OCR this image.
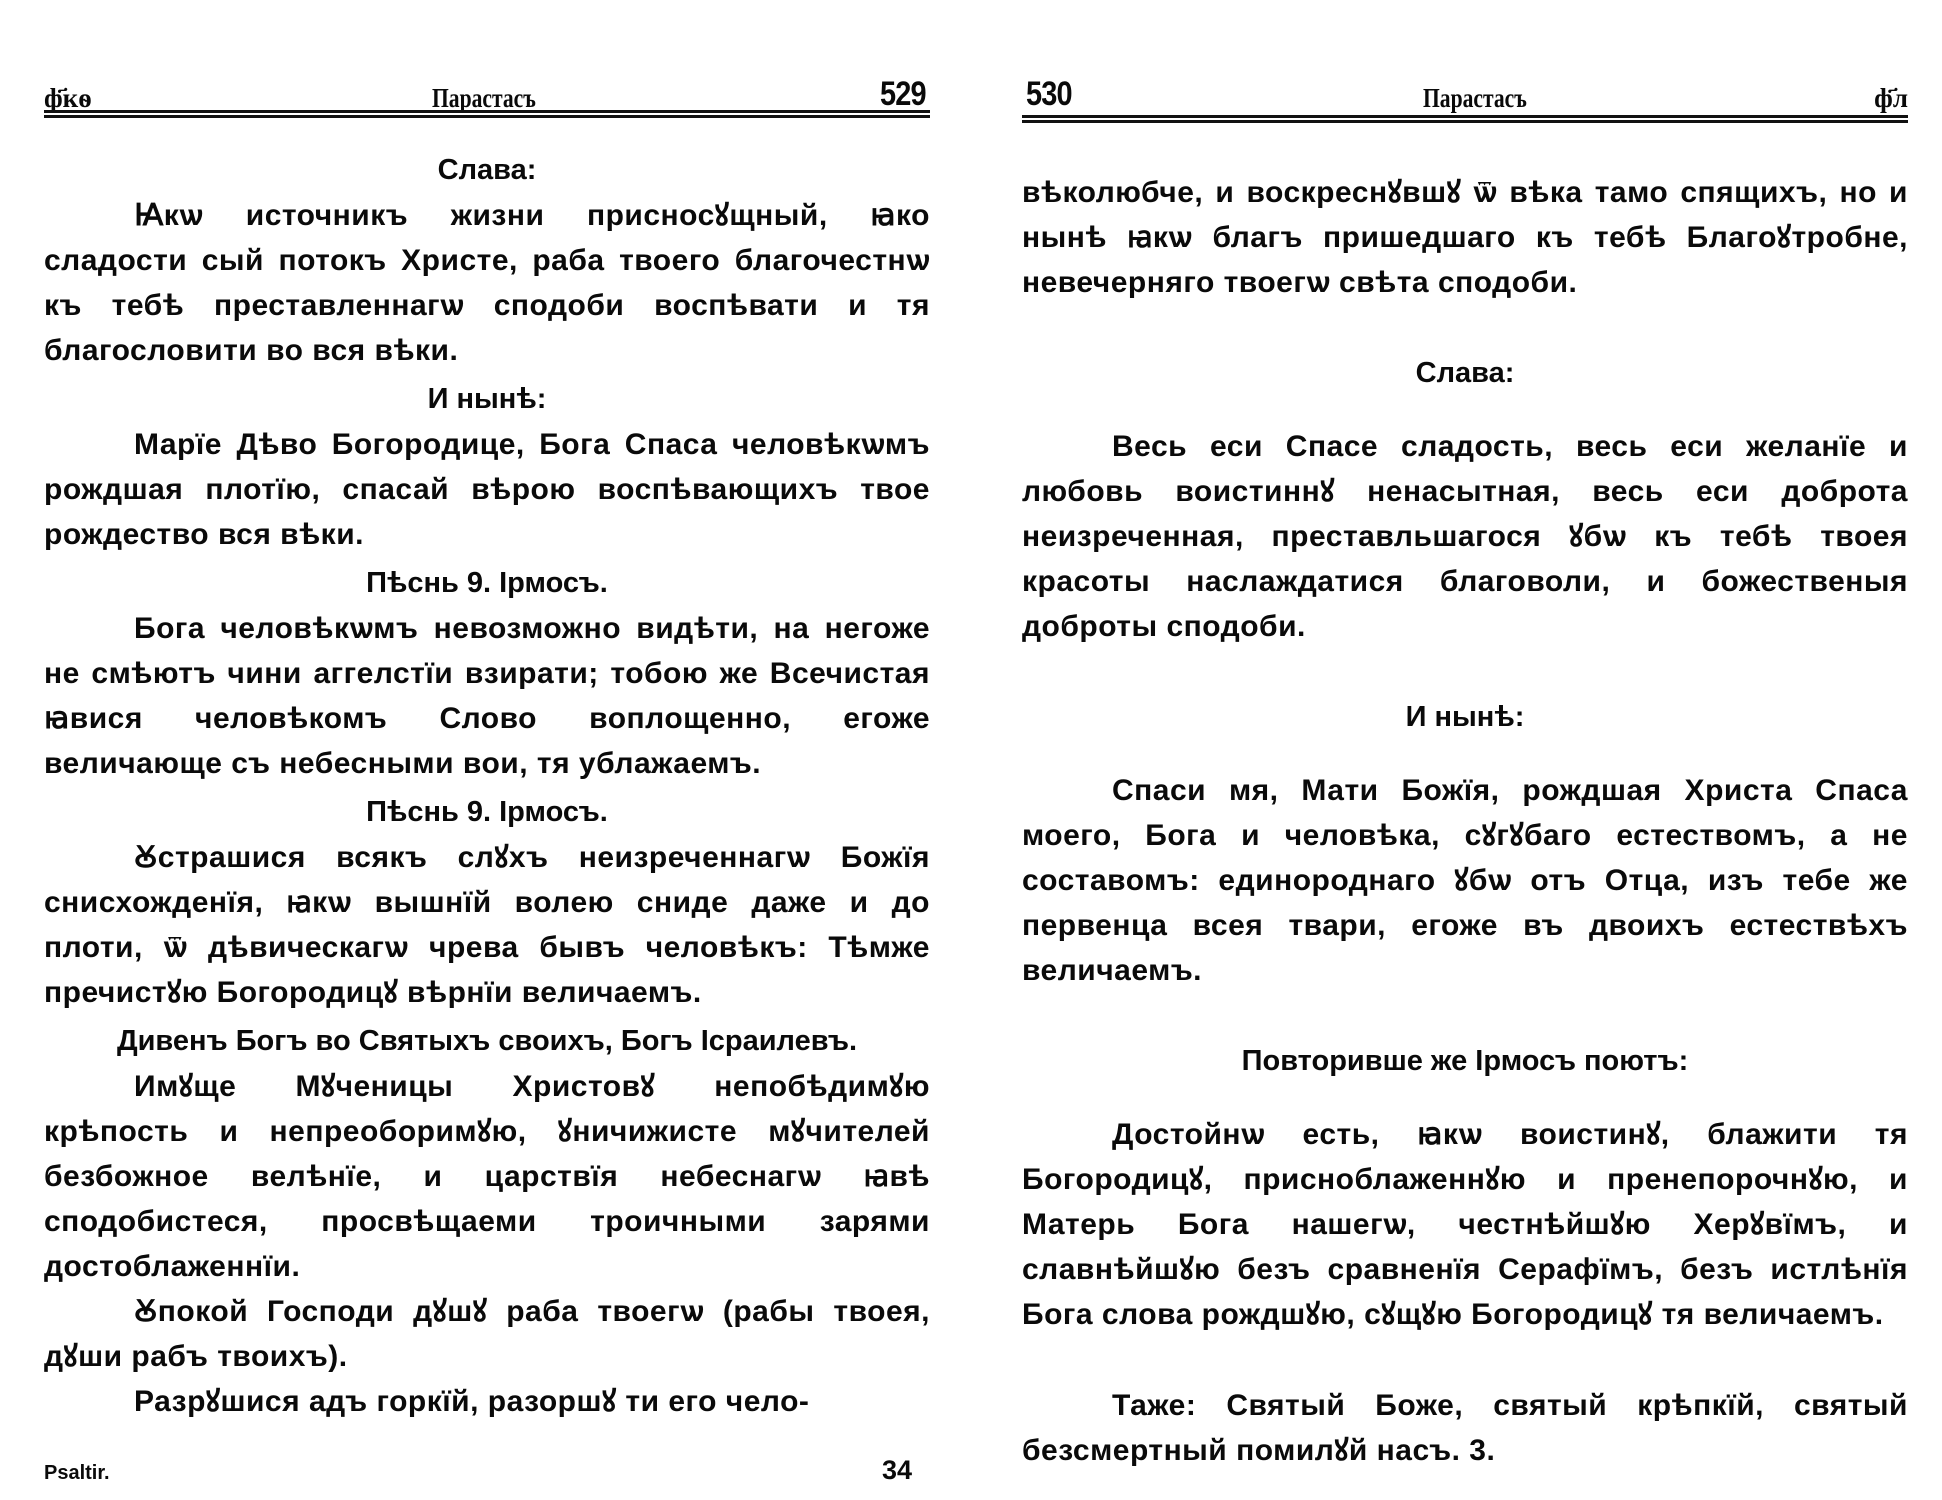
ф҃кѳ	Парастасъ	529

Слава:

Ꙗкѡ источникъ жизни присносꙋщный, ꙗко сладости сый потокъ Христе, раба твоего благочестнѡ къ тебѣ преставленнагѡ сподоби воспѣвати и тя благословити во вся вѣки.

И нынѣ:

Марїе Дѣво Богородице, Бога Спаса человѣкѡмъ рождшая плотїю, спасай вѣрою воспѣвающихъ твое рождество вся вѣки.

Пѣснь 9. Ірмосъ.

Бога человѣкѡмъ невозможно видѣти, на негоже не смѣютъ чини аггелстїи взирати; тобою же Всечистая ꙗвися человѣкомъ Слово воплощенно, егоже величающе съ небесными вои, тя ублажаемъ.

Пѣснь 9. Ірмосъ.

Ꙋстрашися всякъ слꙋхъ неизреченнагѡ Божїя снисхожденїя, ꙗкѡ вышнїй волею сниде даже и до плоти, ѿ дѣвическагѡ чрева бывъ человѣкъ: Тѣмже пречистꙋю Богородицꙋ вѣрнїи величаемъ.

Дивенъ Богъ во Святыхъ своихъ, Богъ Ісраилевъ.

Имꙋще Мꙋченицы Христовꙋ непобѣдимꙋю крѣпость и непреоборимꙋю, ꙋничижисте мꙋчителей безбожное велѣнїе, и царствїя небеснагѡ ꙗвѣ сподобистеся, просвѣщаеми троичными зарями достоблаженнїи.

Ꙋпокой Господи дꙋшꙋ раба твоегѡ (рабы твоея, дꙋши рабъ твоихъ).

Разрꙋшися адъ горкїй, разоршꙋ ти его чело-

Psaltir.	34
530	Парастасъ	ф҃л

вѣколюбче, и воскреснꙋвшꙋ ѿ вѣка тамо спящихъ, но и нынѣ ꙗкѡ благъ пришедшаго къ тебѣ Благоꙋтробне, невечерняго твоегѡ свѣта сподоби.

Слава:

Весь еси Спасе сладость, весь еси желанїе и любовь воистиннꙋ ненасытная, весь еси доброта неизреченная, преставльшагося ꙋбѡ къ тебѣ твоея красоты наслаждатися благоволи, и божественыя доброты сподоби.

И нынѣ:

Спаси мя, Мати Божїя, рождшая Христа Спаса моего, Бога и человѣка, сꙋгꙋбаго естествомъ, а не составомъ: единороднаго ꙋбѡ отъ Отца, изъ тебе же первенца всея твари, егоже въ двоихъ естествѣхъ величаемъ.

Повторивше же Ірмосъ поютъ:

Достойнѡ есть, ꙗкѡ воистинꙋ, блажити тя Богородицꙋ, присноблаженнꙋю и пренепорочнꙋю, и Матерь Бога нашегѡ, честнѣйшꙋю Херꙋвїмъ, и славнѣйшꙋю безъ сравненїя Серафїмъ, безъ истлѣнїя Бога слова рождшꙋю, сꙋщꙋю Богородицꙋ тя величаемъ.

Таже: Святый Боже, святый крѣпкїй, святый безсмертный помилꙋй насъ. 3.
